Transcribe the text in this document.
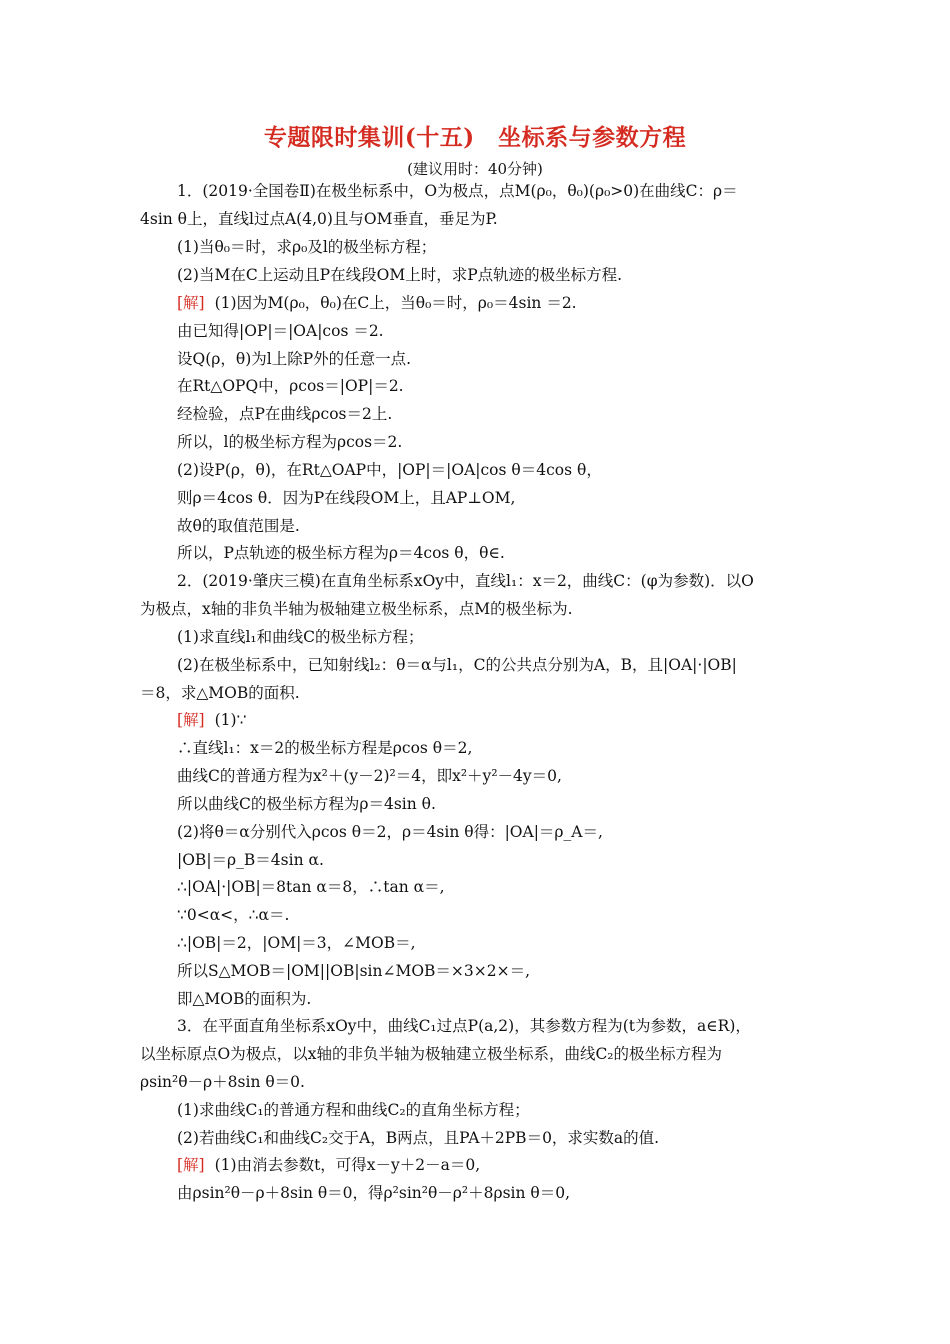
专题限时集训(十五)　坐标系与参数方程
(建议用时：40分钟)
1．(2019·全国卷Ⅱ)在极坐标系中，O为极点，点M(ρ₀，θ₀)(ρ₀>0)在曲线C：ρ＝
4sin θ上，直线l过点A(4,0)且与OM垂直，垂足为P.
(1)当θ₀＝时，求ρ₀及l的极坐标方程；
(2)当M在C上运动且P在线段OM上时，求P点轨迹的极坐标方程.
[解] (1)因为M(ρ₀，θ₀)在C上，当θ₀＝时，ρ₀＝4sin ＝2.
由已知得|OP|＝|OA|cos ＝2.
设Q(ρ，θ)为l上除P外的任意一点.
在Rt△OPQ中，ρcos＝|OP|＝2.
经检验，点P在曲线ρcos＝2上.
所以，l的极坐标方程为ρcos＝2.
(2)设P(ρ，θ)，在Rt△OAP中，|OP|＝|OA|cos θ＝4cos θ，
则ρ＝4cos θ．因为P在线段OM上，且AP⊥OM,
故θ的取值范围是.
所以，P点轨迹的极坐标方程为ρ＝4cos θ，θ∈.
2．(2019·肇庆三模)在直角坐标系xOy中，直线l₁：x＝2，曲线C：(φ为参数)．以O
为极点，x轴的非负半轴为极轴建立极坐标系，点M的极坐标为.
(1)求直线l₁和曲线C的极坐标方程；
(2)在极坐标系中，已知射线l₂：θ＝α与l₁，C的公共点分别为A，B，且|OA|·|OB|
＝8，求△MOB的面积.
[解] (1)∵
∴直线l₁：x＝2的极坐标方程是ρcos θ＝2,
曲线C的普通方程为x²＋(y－2)²＝4，即x²＋y²－4y＝0,
所以曲线C的极坐标方程为ρ＝4sin θ.
(2)将θ＝α分别代入ρcos θ＝2，ρ＝4sin θ得：|OA|＝ρ_A＝,
|OB|＝ρ_B＝4sin α.
∴|OA|·|OB|＝8tan α＝8，∴tan α＝,
∵0<α<，∴α＝.
∴|OB|＝2，|OM|＝3，∠MOB＝,
所以S△MOB＝|OM||OB|sin∠MOB＝×3×2×＝,
即△MOB的面积为.
3．在平面直角坐标系xOy中，曲线C₁过点P(a,2)，其参数方程为(t为参数，a∈R)，
以坐标原点O为极点，以x轴的非负半轴为极轴建立极坐标系，曲线C₂的极坐标方程为
ρsin²θ－ρ＋8sin θ＝0.
(1)求曲线C₁的普通方程和曲线C₂的直角坐标方程；
(2)若曲线C₁和曲线C₂交于A，B两点，且PA＋2PB＝0，求实数a的值.
[解] (1)由消去参数t，可得x－y＋2－a＝0,
由ρsin²θ－ρ＋8sin θ＝0，得ρ²sin²θ－ρ²＋8ρsin θ＝0,
